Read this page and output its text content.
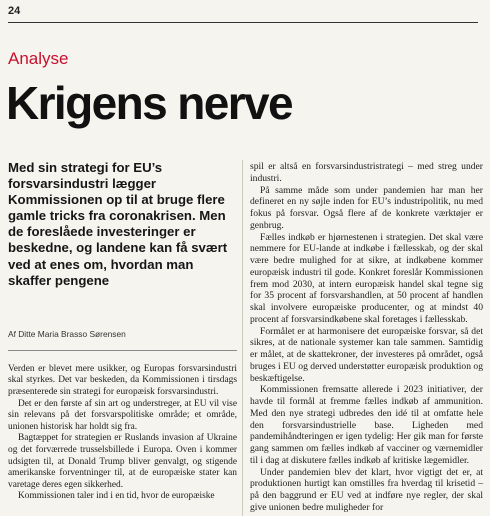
24
Analyse
Krigens nerve

Med sin strategi for EU’s forsvarsindustri lægger Kommissionen op til at bruge flere gamle tricks fra coronakrisen. Men de foreslåede investeringer er beskedne, og landene kan få svært ved at enes om, hvordan man skaffer pengene

Af Ditte Maria Brasso Sørensen

Verden er blevet mere usikker, og Europas forsvarsindustri skal styrkes. Det var beskeden, da Kommissionen i tirsdags præsenterede sin strategi for europæisk forsvarsindustri.

Det er den første af sin art og understreger, at EU vil vise sin relevans på det forsvarspolitiske område; et område, unionen historisk har holdt sig fra.

Bagtæppet for strategien er Ruslands invasion af Ukraine og det forværrede trusselsbillede i Europa. Oven i kommer udsigten til, at Donald Trump bliver genvalgt, og stigende amerikanske forventninger til, at de europæiske stater kan varetage deres egen sikkerhed.

Kommissionen taler ind i en tid, hvor de europæiske

spil er altså en forsvarsindustristrategi – med streg under industri.

På samme måde som under pandemien har man her defineret en ny søjle inden for EU’s industripolitik, nu med fokus på forsvar. Også flere af de konkrete værktøjer er genbrug.

Fælles indkøb er hjørnestenen i strategien. Det skal være nemmere for EU-lande at indkøbe i fællesskab, og der skal være bedre mulighed for at sikre, at indkøbene kommer europæisk industri til gode. Konkret foreslår Kommissionen frem mod 2030, at intern europæisk handel skal tegne sig for 35 procent af forsvarshandlen, at 50 procent af handlen skal involvere europæiske producenter, og at mindst 40 procent af forsvarsindkøbene skal foretages i fællesskab.

Formålet er at harmonisere det europæiske forsvar, så det sikres, at de nationale systemer kan tale sammen. Samtidig er målet, at de skattekroner, der investeres på området, også bruges i EU og derved understøtter europæisk produktion og beskæftigelse.

Kommissionen fremsatte allerede i 2023 initiativer, der havde til formål at fremme fælles indkøb af ammunition. Med den nye strategi udbredes den idé til at omfatte hele den forsvarsindustrielle base. Ligheden med pandemihåndteringen er igen tydelig: Her gik man for første gang sammen om fælles indkøb af vacciner og værnemidler til i dag at diskutere fælles indkøb af kritiske lægemidler.

Under pandemien blev det klart, hvor vigtigt det er, at produktionen hurtigt kan omstilles fra hverdag til krisetid – på den baggrund er EU ved at indføre nye regler, der skal give unionen bedre muligheder for
